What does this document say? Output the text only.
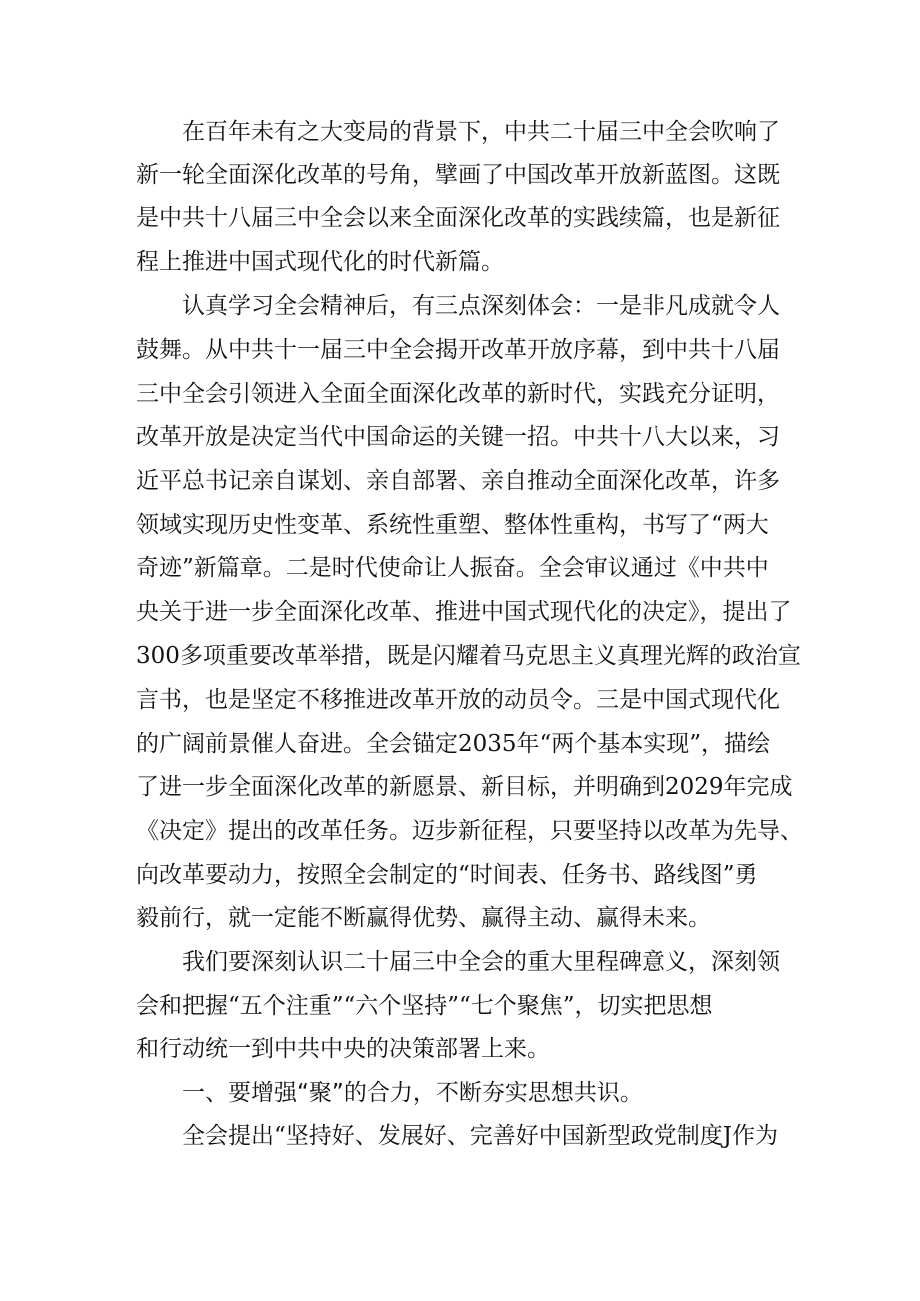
在百年未有之大变局的背景下，中共二十届三中全会吹响了
新一轮全面深化改革的号角，擘画了中国改革开放新蓝图。这既
是中共十八届三中全会以来全面深化改革的实践续篇，也是新征
程上推进中国式现代化的时代新篇。
认真学习全会精神后，有三点深刻体会：一是非凡成就令人
鼓舞。从中共十一届三中全会揭开改革开放序幕，到中共十八届
三中全会引领进入全面全面深化改革的新时代，实践充分证明，
改革开放是决定当代中国命运的关键一招。中共十八大以来，习
近平总书记亲自谋划、亲自部署、亲自推动全面深化改革，许多
领域实现历史性变革、系统性重塑、整体性重构，书写了“两大
奇迹”新篇章。二是时代使命让人振奋。全会审议通过《中共中
央关于进一步全面深化改革、推进中国式现代化的决定》，提出了
300多项重要改革举措，既是闪耀着马克思主义真理光辉的政治宣
言书，也是坚定不移推进改革开放的动员令。三是中国式现代化
的广阔前景催人奋进。全会锚定2035年“两个基本实现”，描绘
了进一步全面深化改革的新愿景、新目标，并明确到2029年完成
《决定》提出的改革任务。迈步新征程，只要坚持以改革为先导、
向改革要动力，按照全会制定的“时间表、任务书、路线图”勇
毅前行，就一定能不断赢得优势、赢得主动、赢得未来。
我们要深刻认识二十届三中全会的重大里程碑意义，深刻领
会和把握“五个注重”“六个坚持”“七个聚焦”，切实把思想
和行动统一到中共中央的决策部署上来。
一、要增强“聚”的合力，不断夯实思想共识。
全会提出“坚持好、发展好、完善好中国新型政党制度J作为
